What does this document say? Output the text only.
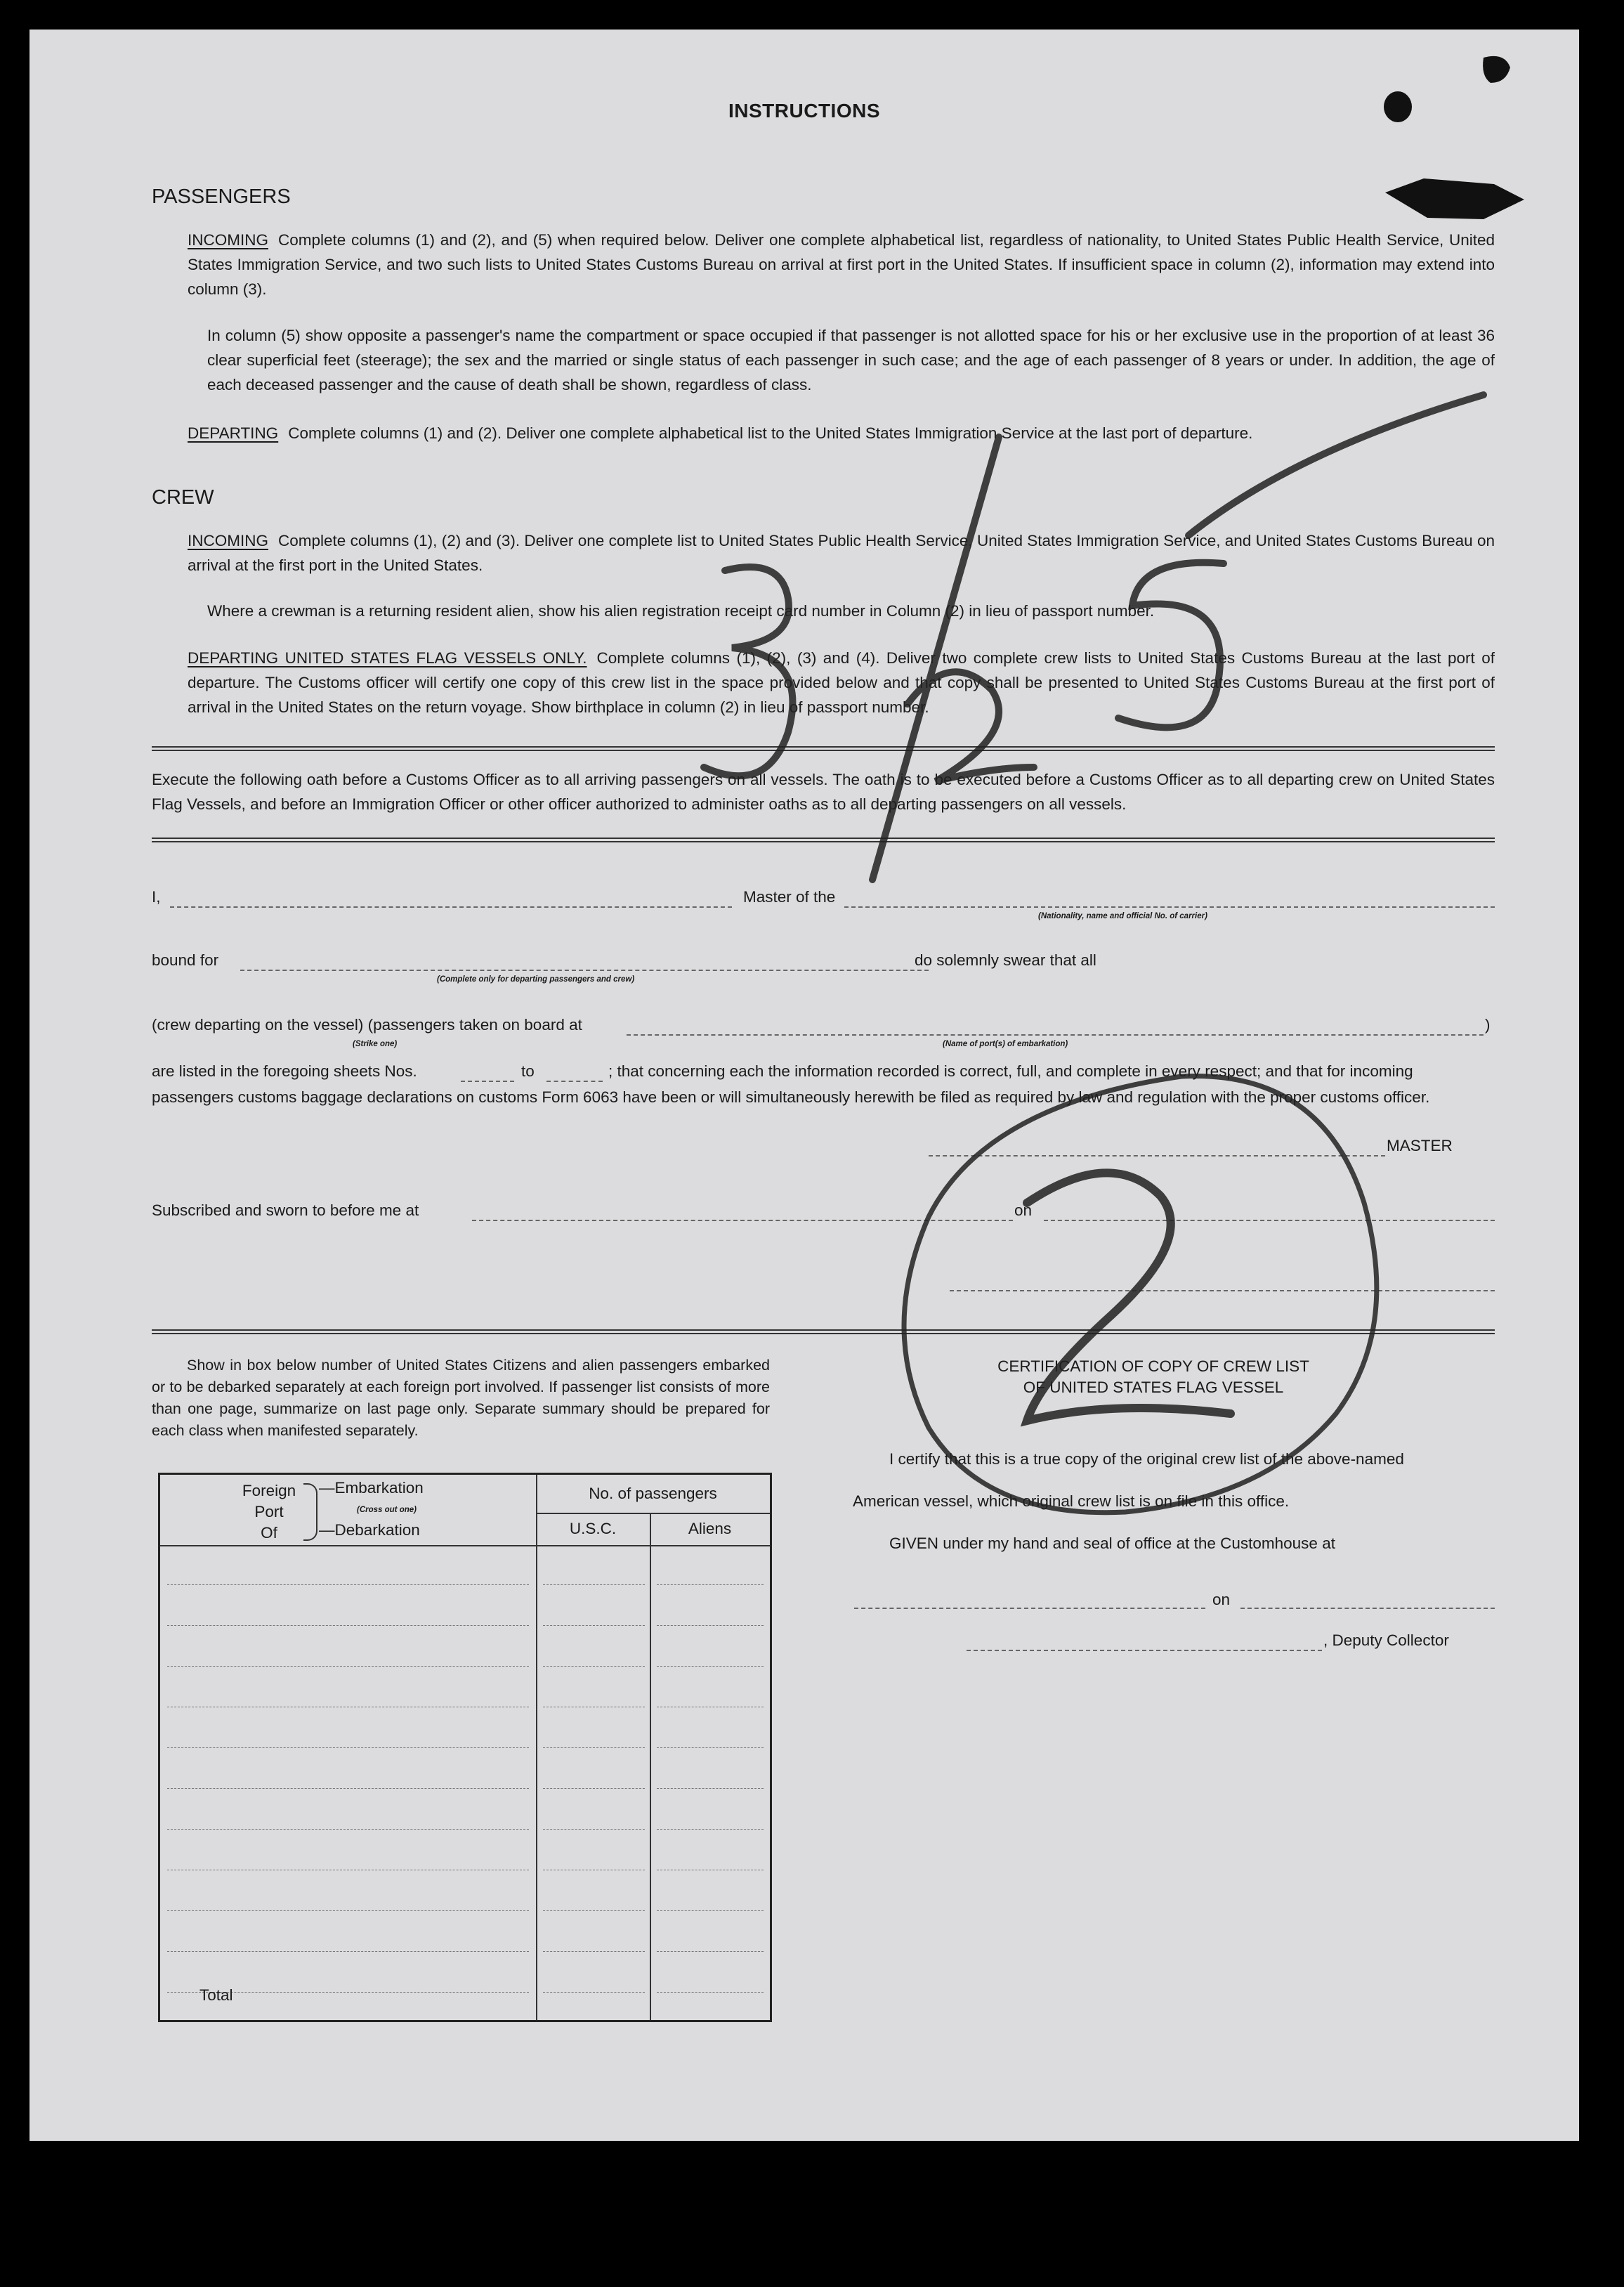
INSTRUCTIONS
PASSENGERS
INCOMING Complete columns (1) and (2), and (5) when required below. Deliver one complete alphabetical list, regardless of nationality, to United States Public Health Service, United States Immigration Service, and two such lists to United States Customs Bureau on arrival at first port in the United States. If insufficient space in column (2), information may extend into column (3).
In column (5) show opposite a passenger's name the compartment or space occupied if that passenger is not allotted space for his or her exclusive use in the proportion of at least 36 clear superficial feet (steerage); the sex and the married or single status of each passenger in such case; and the age of each passenger of 8 years or under. In addition, the age of each deceased passenger and the cause of death shall be shown, regardless of class.
DEPARTING Complete columns (1) and (2). Deliver one complete alphabetical list to the United States Immigration Service at the last port of departure.
CREW
INCOMING Complete columns (1), (2) and (3). Deliver one complete list to United States Public Health Service, United States Immigration Service, and United States Customs Bureau on arrival at the first port in the United States.
Where a crewman is a returning resident alien, show his alien registration receipt card number in Column (2) in lieu of passport number.
DEPARTING UNITED STATES FLAG VESSELS ONLY. Complete columns (1), (2), (3) and (4). Deliver two complete crew lists to United States Customs Bureau at the last port of departure. The Customs officer will certify one copy of this crew list in the space provided below and that copy shall be presented to United States Customs Bureau at the first port of arrival in the United States on the return voyage. Show birthplace in column (2) in lieu of passport number.
Execute the following oath before a Customs Officer as to all arriving passengers on all vessels. The oath is to be executed before a Customs Officer as to all departing crew on United States Flag Vessels, and before an Immigration Officer or other officer authorized to administer oaths as to all departing passengers on all vessels.
I,	Master of the
(Nationality, name and official No. of carrier)
bound for
(Complete only for departing passengers and crew)
do solemnly swear that all
(crew departing on the vessel) (passengers taken on board at	)
(Strike one)	(Name of port(s) of embarkation)
are listed in the foregoing sheets Nos.	to	; that concerning each the information recorded is correct, full, and complete in every respect; and that for incoming
passengers customs baggage declarations on customs Form 6063 have been or will simultaneously herewith be filed as required by law and regulation with the proper customs officer.
MASTER
Subscribed and sworn to before me at	on
Show in box below number of United States Citizens and alien passengers embarked or to be debarked separately at each foreign port involved. If passenger list consists of more than one page, summarize on last page only. Separate summary should be prepared for each class when manifested separately.
Foreign
Port
Of
—Embarkation
(Cross out one)
—Debarkation
No. of passengers
U.S.C.	Aliens
Total
CERTIFICATION OF COPY OF CREW LIST
OF UNITED STATES FLAG VESSEL
I certify that this is a true copy of the original crew list of the above-named
American vessel, which original crew list is on file in this office.
GIVEN under my hand and seal of office at the Customhouse at
on
, Deputy Collector
